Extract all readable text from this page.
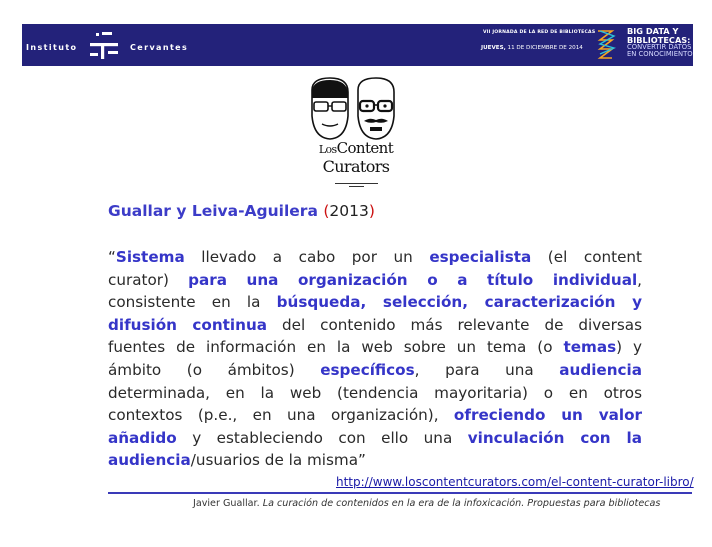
Instituto	Cervantes
VII JORNADA DE LA RED DE BIBLIOTECAS
JUEVES, 11 DE DICIEMBRE DE 2014
BIG DATA Y
BIBLIOTECAS:
CONVERTIR DATOS
EN CONOCIMIENTO
LosContent
Curators
Guallar y Leiva-Aguilera (2013)
“Sistema llevado a cabo por un especialista (el content
curator) para una organización o a título individual,
consistente en la búsqueda, selección, caracterización y
difusión continua del contenido más relevante de diversas
fuentes de información en la web sobre un tema (o temas) y
ámbito (o ámbitos) específicos, para una audiencia
determinada, en la web (tendencia mayoritaria) o en otros
contextos (p.e., en una organización), ofreciendo un valor
añadido y estableciendo con ello una vinculación con la
audiencia/usuarios de la misma”
http://www.loscontentcurators.com/el-content-curator-libro/
Javier Guallar. La curación de contenidos en la era de la infoxicación. Propuestas para bibliotecas
